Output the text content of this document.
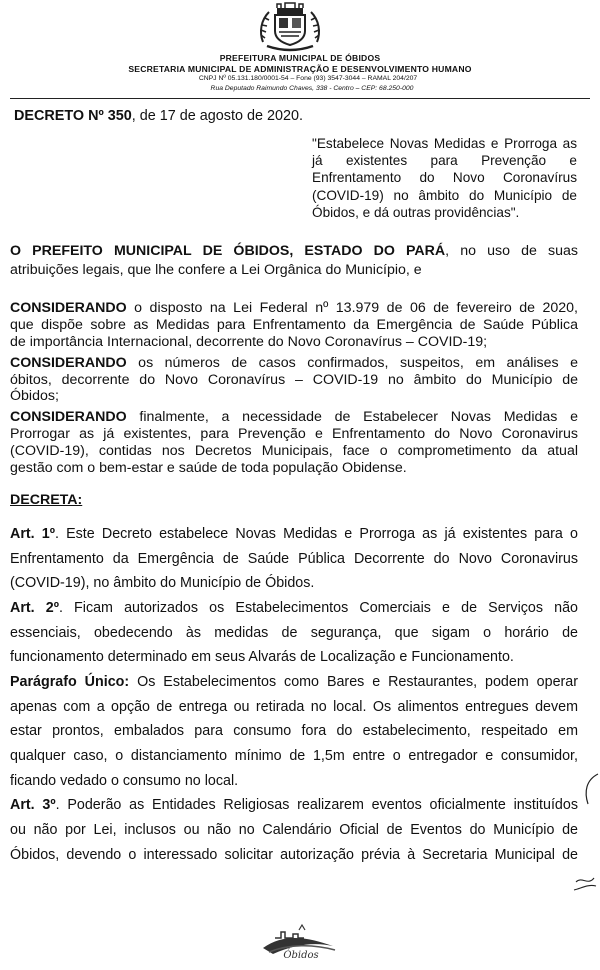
PREFEITURA MUNICIPAL DE ÓBIDOS
SECRETARIA MUNICIPAL DE ADMINISTRAÇÃO E DESENVOLVIMENTO HUMANO
CNPJ Nº 05.131.180/0001-54 – Fone (93) 3547-3044 – RAMAL 204/207
Rua Deputado Raimundo Chaves, 338 - Centro – CEP: 68.250-000
DECRETO Nº 350, de 17 de agosto de 2020.

"Estabelece Novas Medidas e Prorroga as já existentes para Prevenção e Enfrentamento do Novo Coronavírus (COVID-19) no âmbito do Município de Óbidos, e dá outras providências".

O PREFEITO MUNICIPAL DE ÓBIDOS, ESTADO DO PARÁ, no uso de suas
atribuições legais, que lhe confere a Lei Orgânica do Município, e
CONSIDERANDO o disposto na Lei Federal nº 13.979 de 06 de fevereiro de 2020,
que dispõe sobre as Medidas para Enfrentamento da Emergência de Saúde Pública
de importância Internacional, decorrente do Novo Coronavírus – COVID-19;
CONSIDERANDO os números de casos confirmados, suspeitos, em análises e
óbitos, decorrente do Novo Coronavírus – COVID-19 no âmbito do Município de
Óbidos;
CONSIDERANDO finalmente, a necessidade de Estabelecer Novas Medidas e
Prorrogar as já existentes, para Prevenção e Enfrentamento do Novo Coronavirus
(COVID-19), contidas nos Decretos Municipais, face o comprometimento da atual
gestão com o bem-estar e saúde de toda população Obidense.
DECRETA:
Art. 1º. Este Decreto estabelece Novas Medidas e Prorroga as já existentes para o
Enfrentamento da Emergência de Saúde Pública Decorrente do Novo Coronavirus
(COVID-19), no âmbito do Município de Óbidos.
Art. 2º. Ficam autorizados os Estabelecimentos Comerciais e de Serviços não
essenciais, obedecendo às medidas de segurança, que sigam o horário de
funcionamento determinado em seus Alvarás de Localização e Funcionamento.
Parágrafo Único: Os Estabelecimentos como Bares e Restaurantes, podem operar
apenas com a opção de entrega ou retirada no local. Os alimentos entregues devem
estar prontos, embalados para consumo fora do estabelecimento, respeitado em
qualquer caso, o distanciamento mínimo de 1,5m entre o entregador e consumidor,
ficando vedado o consumo no local.
Art. 3º. Poderão as Entidades Religiosas realizarem eventos oficialmente instituídos
ou não por Lei, inclusos ou não no Calendário Oficial de Eventos do Município de
Óbidos, devendo o interessado solicitar autorização prévia à Secretaria Municipal de
Óbidos
